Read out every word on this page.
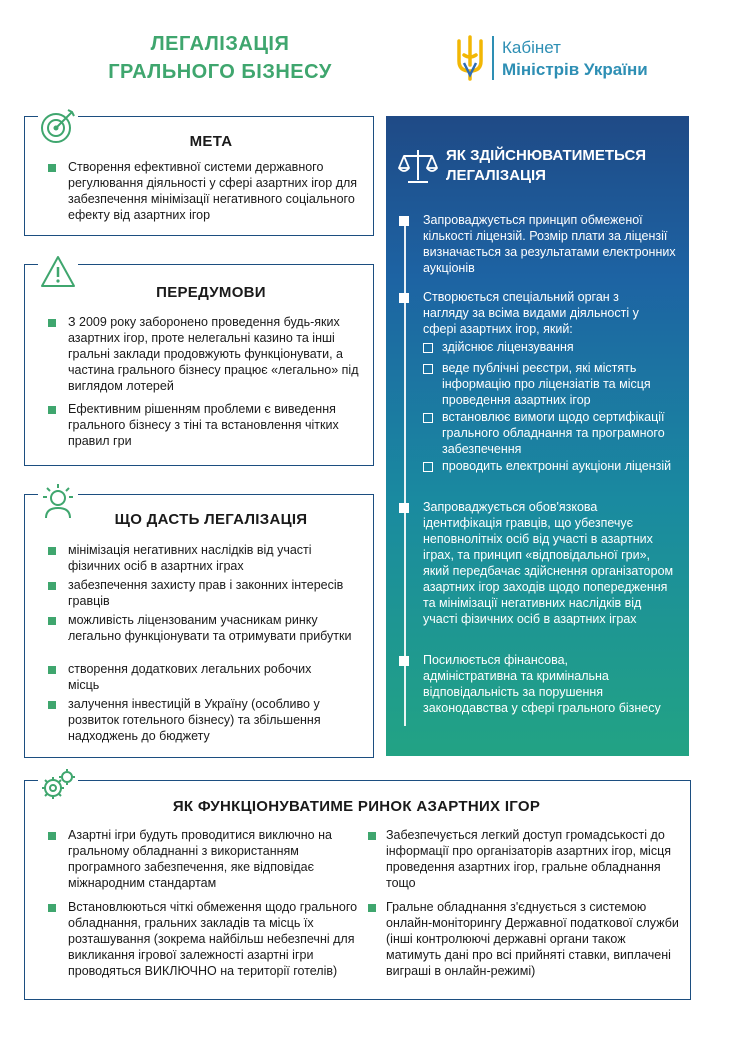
ЛЕГАЛІЗАЦІЯ
ГРАЛЬНОГО БІЗНЕСУ
Кабінет
Міністрів України
МЕТА
Створення ефективної системи державного регулювання діяльності у сфері азартних ігор для забезпечення мінімізації негативного соціального ефекту від азартних ігор
ПЕРЕДУМОВИ
З 2009 року заборонено проведення будь-яких азартних ігор, проте нелегальні казино та інші гральні заклади продовжують функціонувати, а частина грального бізнесу працює «легально» під виглядом лотерей
Ефективним рішенням проблеми є виведення грального бізнесу з тіні та встановлення чітких правил гри
ЩО ДАСТЬ ЛЕГАЛІЗАЦІЯ
мінімізація негативних наслідків від участі фізичних осіб в азартних іграх
забезпечення захисту прав і законних інтересів гравців
можливість ліцензованим учасникам ринку легально функціонувати та отримувати прибутки
створення додаткових легальних робочих місць
залучення інвестицій в Україну (особливо у розвиток готельного бізнесу) та збільшення надходжень до бюджету
ЯК ЗДІЙСНЮВАТИМЕТЬСЯ ЛЕГАЛІЗАЦІЯ
Запроваджується принцип обмеженої кількості ліцензій. Розмір плати за ліцензії визначається за результатами електронних аукціонів
Створюється спеціальний орган з нагляду за всіма видами діяльності у сфері азартних ігор, який:
здійснює ліцензування
веде публічні реєстри, які містять інформацію про ліцензіатів та місця проведення азартних ігор
встановлює вимоги щодо сертифікації грального обладнання та програмного забезпечення
проводить електронні аукціони ліцензій
Запроваджується обов'язкова ідентифікація гравців, що убезпечує неповнолітніх осіб від участі в азартних іграх, та принцип «відповідальної гри», який передбачає здійснення організатором азартних ігор заходів щодо попередження та мінімізації негативних наслідків від участі фізичних осіб в азартних іграх
Посилюється фінансова, адміністративна та кримінальна відповідальність за порушення законодавства у сфері грального бізнесу
ЯК ФУНКЦІОНУВАТИМЕ РИНОК АЗАРТНИХ ІГОР
Азартні ігри будуть проводитися виключно на гральному обладнанні з використанням програмного забезпечення, яке відповідає міжнародним стандартам
Встановлюються чіткі обмеження щодо грального обладнання, гральних закладів та місць їх розташування (зокрема найбільш небезпечні для викликання ігрової залежності азартні ігри проводяться ВИКЛЮЧНО на території готелів)
Забезпечується легкий доступ громадськості до інформації про організаторів азартних ігор, місця проведення азартних ігор, гральне обладнання тощо
Гральне обладнання з'єднується з системою онлайн-моніторингу Державної податкової служби (інші контролюючі державні органи також матимуть дані про всі прийняті ставки, виплачені виграші в онлайн-режимі)
